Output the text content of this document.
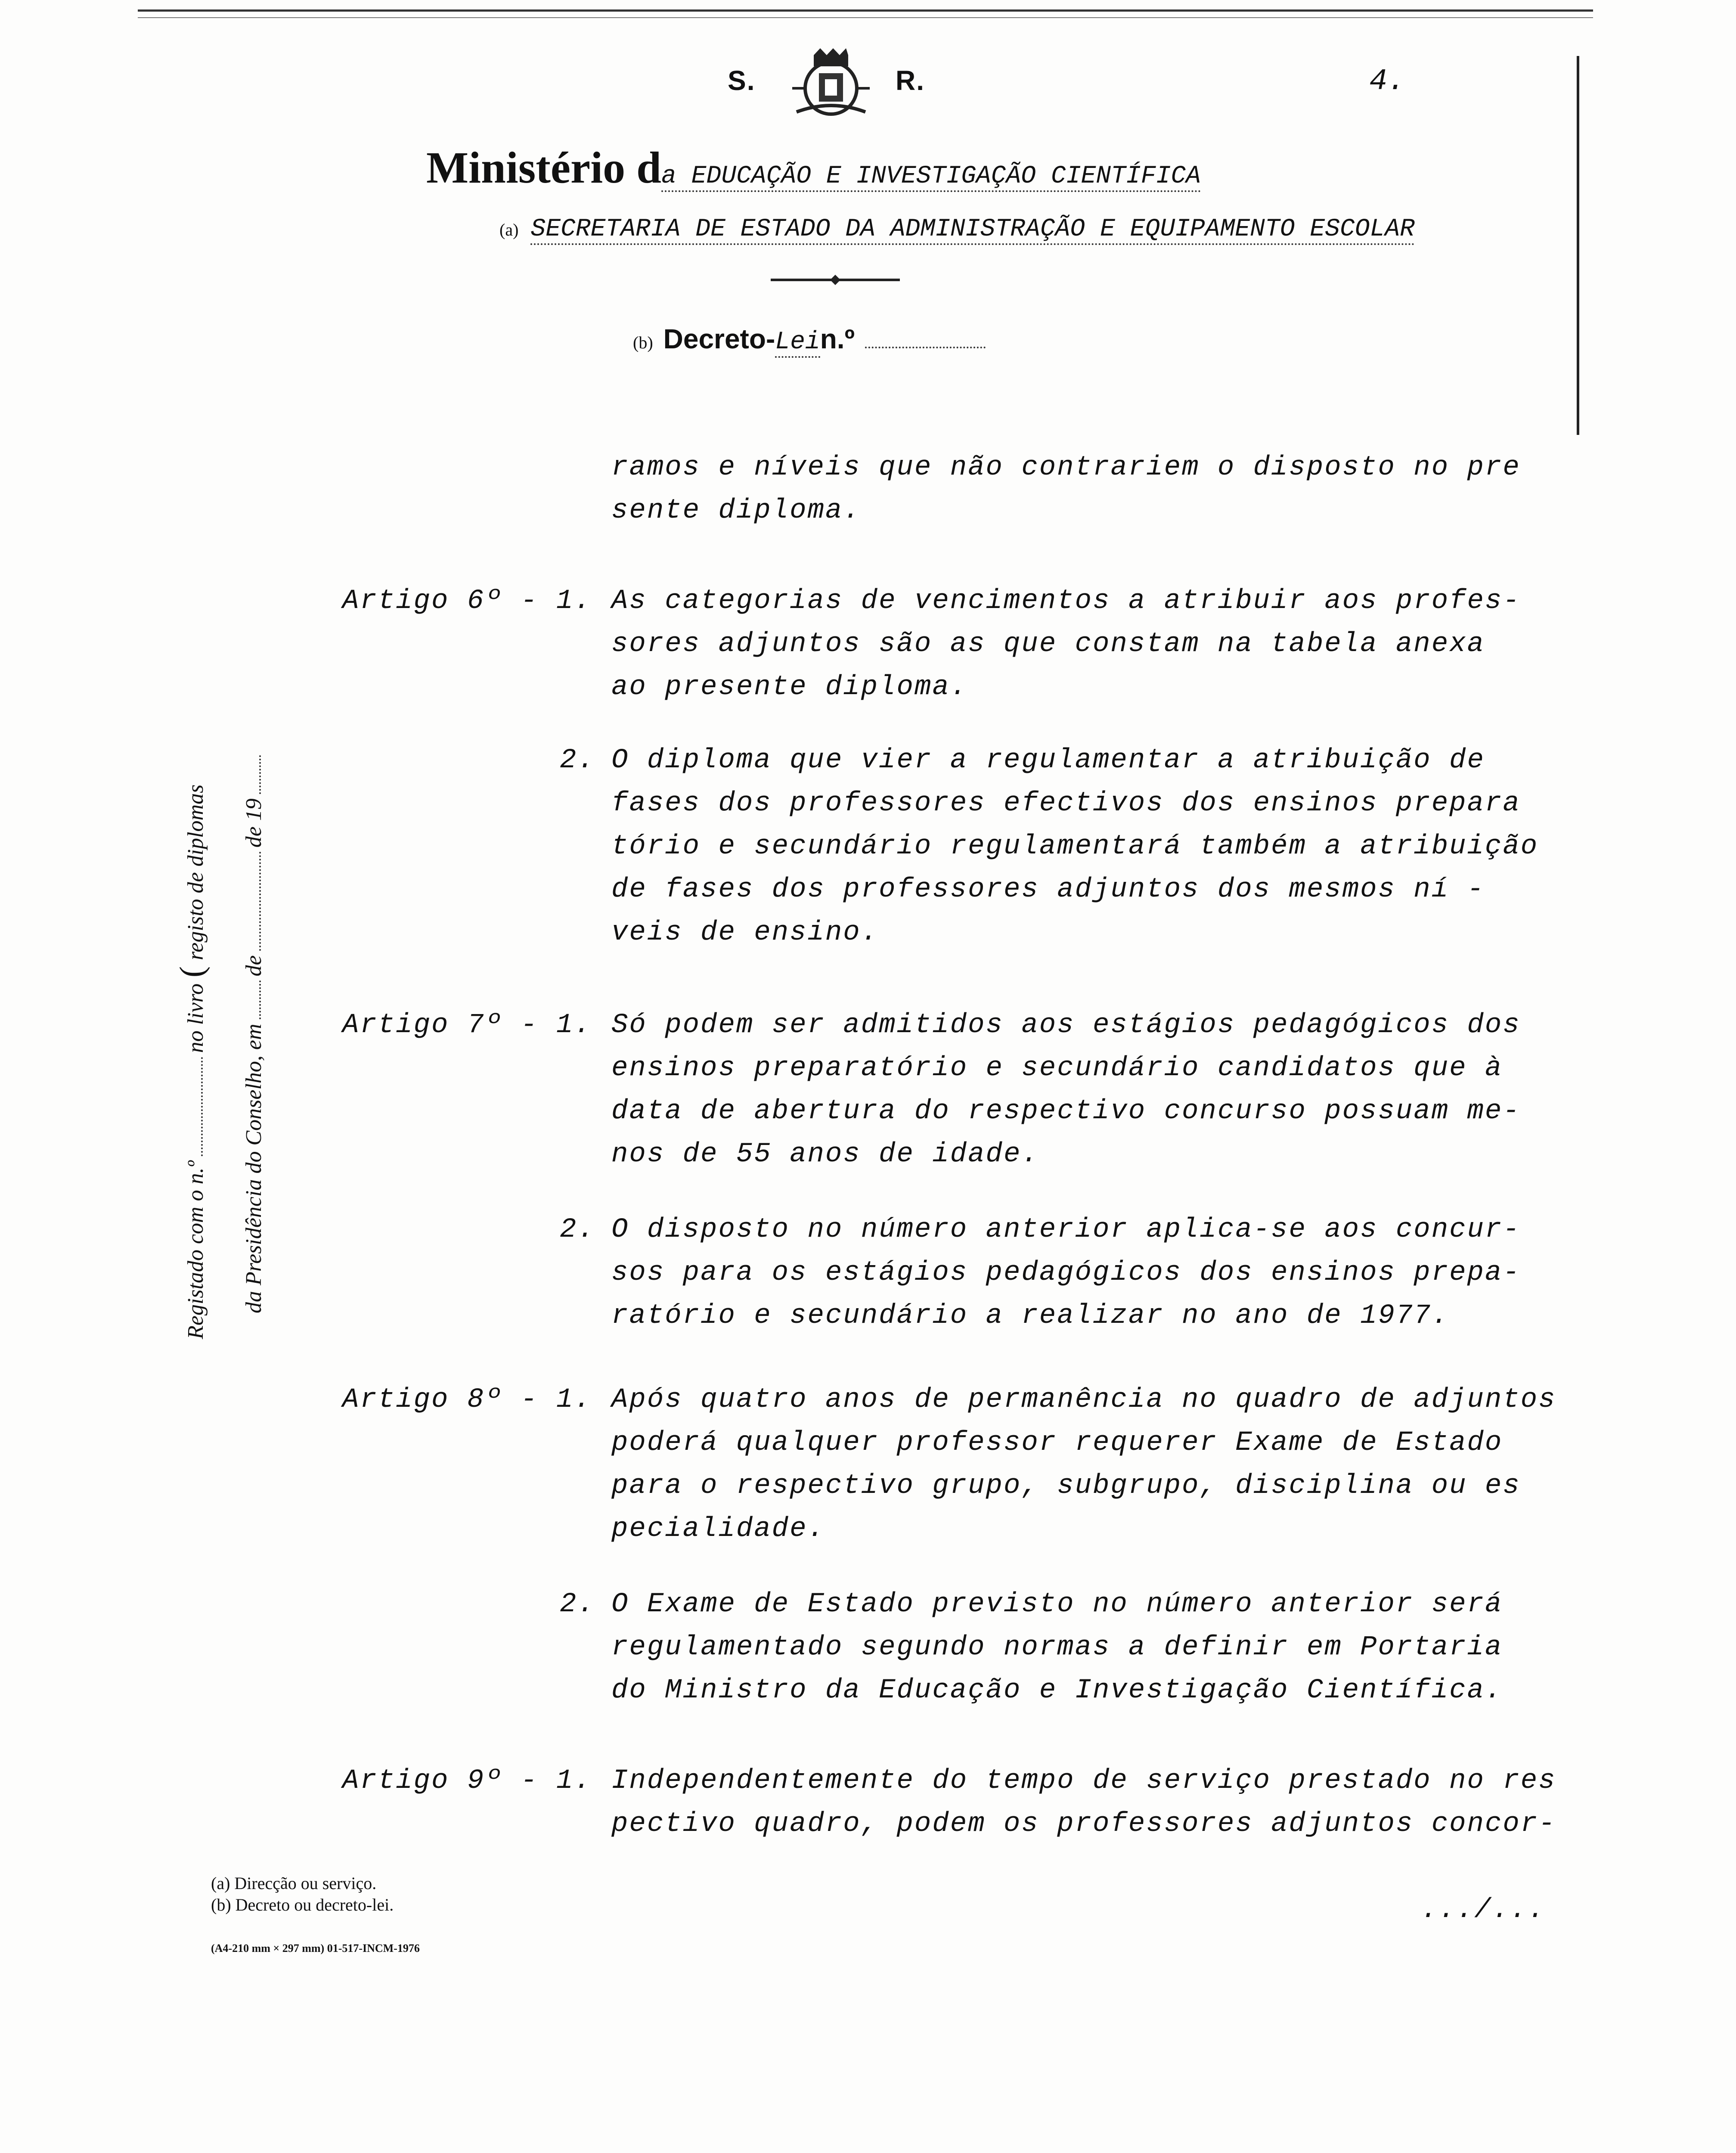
S.	R.	4.
Ministério da EDUCAÇÃO E INVESTIGAÇÃO CIENTÍFICA
(a) SECRETARIA DE ESTADO DA ADMINISTRAÇÃO E EQUIPAMENTO ESCOLAR
(b) Decreto-Lein.º
Registado com o n.ºno livro(registo de diplomas
da Presidência do Conselho, emdede 19
ramos e níveis que não contrariem o disposto no pre
sente diploma.
Artigo 6º - 1. As categorias de vencimentos a atribuir aos profes-
sores adjuntos são as que constam na tabela anexa
ao presente diploma.
2. O diploma que vier a regulamentar a atribuição de
fases dos professores efectivos dos ensinos prepara
tório e secundário regulamentará também a atribuição
de fases dos professores adjuntos dos mesmos ní -
veis de ensino.
Artigo 7º - 1. Só podem ser admitidos aos estágios pedagógicos dos
ensinos preparatório e secundário candidatos que à
data de abertura do respectivo concurso possuam me-
nos de 55 anos de idade.
2. O disposto no número anterior aplica-se aos concur-
sos para os estágios pedagógicos dos ensinos prepa-
ratório e secundário a realizar no ano de 1977.
Artigo 8º - 1. Após quatro anos de permanência no quadro de adjuntos
poderá qualquer professor requerer Exame de Estado
para o respectivo grupo, subgrupo, disciplina ou es
pecialidade.
2. O Exame de Estado previsto no número anterior será
regulamentado segundo normas a definir em Portaria
do Ministro da Educação e Investigação Científica.
Artigo 9º - 1. Independentemente do tempo de serviço prestado no res
pectivo quadro, podem os professores adjuntos concor-
.../...
(a) Direcção ou serviço.
(b) Decreto ou decreto-lei.
(A4-210 mm × 297 mm) 01-517-INCM-1976
